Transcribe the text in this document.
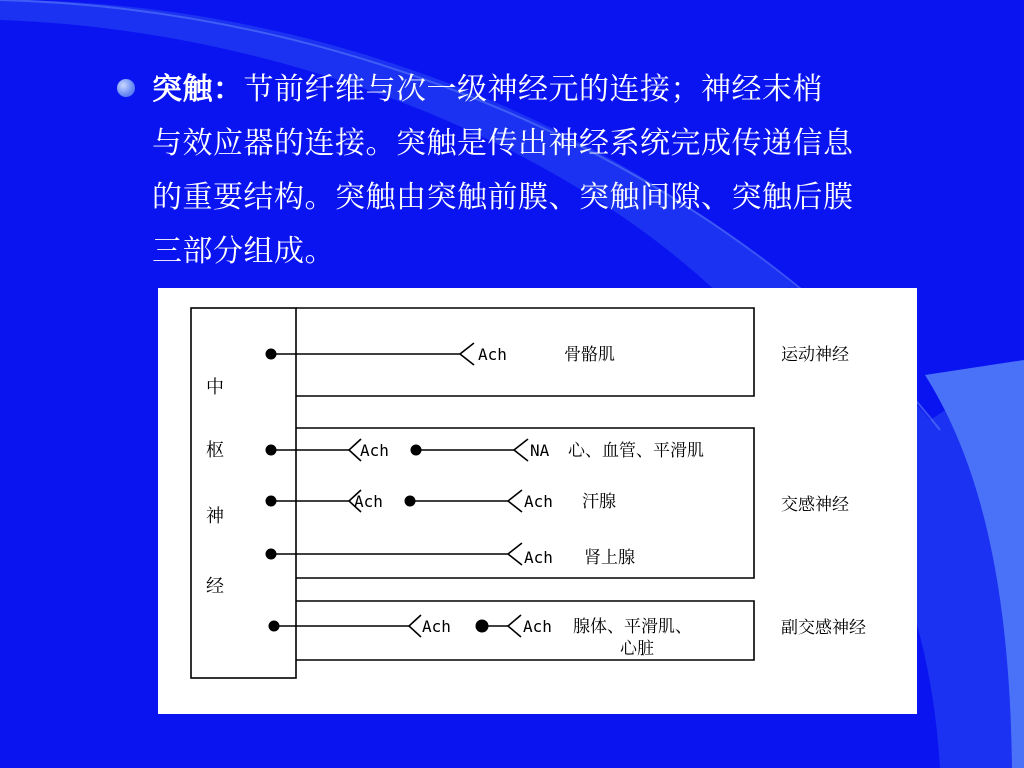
突触：节前纤维与次一级神经元的连接；神经末梢

与效应器的连接。突触是传出神经系统完成传递信息

的重要结构。突触由突触前膜、突触间隙、突触后膜

三部分组成。

中
枢
神
经
Ach	骨骼肌
Ach	NA 心、血管、平滑肌
Ach	Ach 汗腺
Ach 肾上腺
Ach	Ach 腺体、平滑肌、
心脏
运动神经
交感神经
副交感神经
